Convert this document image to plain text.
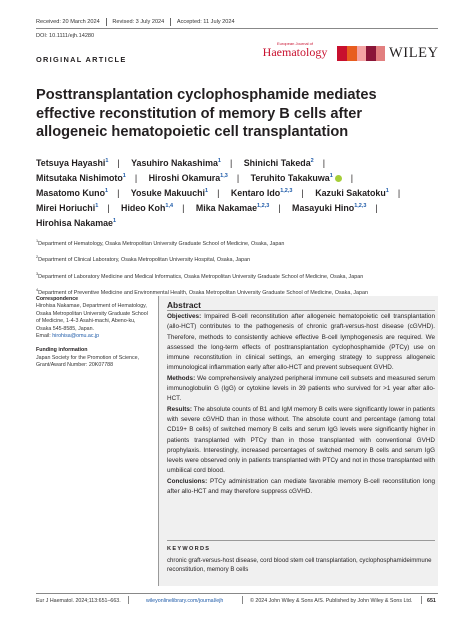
Received: 20 March 2024 Revised: 3 July 2024 Accepted: 11 July 2024
DOI: 10.1111/ejh.14280
ORIGINAL ARTICLE
European Journal of
Haematology	WILEY
Posttransplantation cyclophosphamide mediates effective reconstitution of memory B cells after allogeneic hematopoietic cell transplantation
Tetsuya Hayashi$^1$ | Yasuhiro Nakashima$^1$ | Shinichi Takeda$^2$ |
Mitsutaka Nishimoto$^1$ | Hiroshi Okamura$^{1,3}$ | Teruhito Takakuwa$^1$ |
Masatomo Kuno$^1$ | Yosuke Makuuchi$^1$ | Kentaro Ido$^{1,2,3}$ | Kazuki Sakatoku$^1$ |
Mirei Horiuchi$^1$ | Hideo Koh$^{1,4}$ | Mika Nakamae$^{1,2,3}$ | Masayuki Hino$^{1,2,3}$ |
Hirohisa Nakamae$^1$
$^1$Department of Hematology, Osaka Metropolitan University Graduate School of Medicine, Osaka, Japan
$^2$Department of Clinical Laboratory, Osaka Metropolitan University Hospital, Osaka, Japan
$^3$Department of Laboratory Medicine and Medical Informatics, Osaka Metropolitan University Graduate School of Medicine, Osaka, Japan
$^4$Department of Preventive Medicine and Environmental Health, Osaka Metropolitan University Graduate School of Medicine, Osaka, Japan
Correspondence
Hirohisa Nakamae, Department of Hematology, Osaka Metropolitan University Graduate School of Medicine, 1-4-3 Asahi-machi, Abeno-ku, Osaka 545-8585, Japan.
Email: hirohisa@omu.ac.jp
Funding information
Japan Society for the Promotion of Science, Grant/Award Number: 20K07788
Abstract

Objectives: Impaired B-cell reconstitution after allogeneic hematopoietic cell transplantation (allo-HCT) contributes to the pathogenesis of chronic graft-versus-host disease (cGVHD). Therefore, methods to consistently achieve effective B-cell lymphogenesis are required. We assessed the long-term effects of posttransplantation cyclophosphamide (PTCy) use on immune reconstitution in clinical settings, an emerging strategy to suppress allogeneic immunological inflammation early after allo-HCT and prevent subsequent GVHD.

Methods: We comprehensively analyzed peripheral immune cell subsets and measured serum immunoglobulin G (IgG) or cytokine levels in 39 patients who survived for >1 year after allo-HCT.

Results: The absolute counts of B1 and IgM memory B cells were significantly lower in patients with severe cGVHD than in those without. The absolute count and percentage (among total CD19+ B cells) of switched memory B cells and serum IgG levels were significantly higher in patients transplanted with PTCy than in those transplanted with conventional GVHD prophylaxis. Interestingly, increased percentages of switched memory B cells and serum IgG levels were observed only in patients transplanted with PTCy and not in those transplanted with umbilical cord blood.

Conclusions: PTCy administration can mediate favorable memory B-cell reconstitution long after allo-HCT and may therefore suppress cGVHD.

KEYWORDS
chronic graft-versus-host disease, cord blood stem cell transplantation, cyclophosphamideimmune reconstitution, memory B cells
Eur J Haematol. 2024;113:651–663.	wileyonlinelibrary.com/journal/ejh	© 2024 John Wiley & Sons A/S. Published by John Wiley & Sons Ltd.	651
